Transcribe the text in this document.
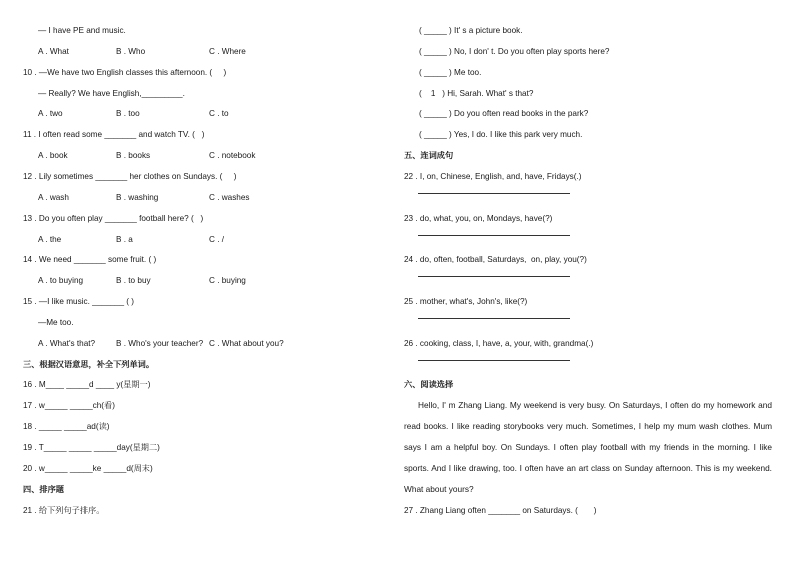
— I have PE and music.
A . What	B . Who	C . Where
10 . —We have two English classes this afternoon. (     )
— Really? We have English,_________.
A . two	B . too	C . to
11 . I often read some _______ and watch TV. (   )
A . book	B . books	C . notebook
12 . Lily sometimes _______ her clothes on Sundays. (     )
A . wash	B . washing	C . washes
13 . Do you often play _______ football here? (   )
A . the	B . a	C . /
14 . We need _______ some fruit. ( )
A . to buying	B . to buy	C . buying
15 . —I like music. _______ ( )
—Me too.
A . What's that?	B . Who's your teacher? C . What about you?
三、根据汉语意思，补全下列单词。
16 . M____ _____d ____ y(星期一)
17 . w_____ _____ch(看)
18 . _____ _____ad(读)
19 . T_____ _____ _____day(星期二)
20 . w_____ _____ke _____d(周末)
四、排序题
21 . 给下列句子排序。
( _____ ) It' s a picture book.
( _____ ) No, I don' t. Do you often play sports here?
( _____ ) Me too.
(    1   ) Hi, Sarah. What' s that?
( _____ ) Do you often read books in the park?
( _____ ) Yes, I do. I like this park very much.
五、连词成句
22 . I, on, Chinese, English, and, have, Fridays(.)
23 . do, what, you, on, Mondays, have(?)
24 . do, often, football, Saturdays,  on, play, you(?)
25 . mother, what's, John's, like(?)
26 . cooking, class, I, have, a, your, with, grandma(.)
六、阅读选择
Hello, I' m Zhang Liang. My weekend is very busy. On Saturdays, I often do my homework and read books. I like reading storybooks very much. Sometimes, I help my mum wash clothes. Mum says I am a helpful boy. On Sundays. I often play football with my friends in the morning. I like sports. And I like drawing, too. I often have an art class on Sunday afternoon. This is my weekend. What about yours?
27 . Zhang Liang often _______ on Saturdays. (       )
